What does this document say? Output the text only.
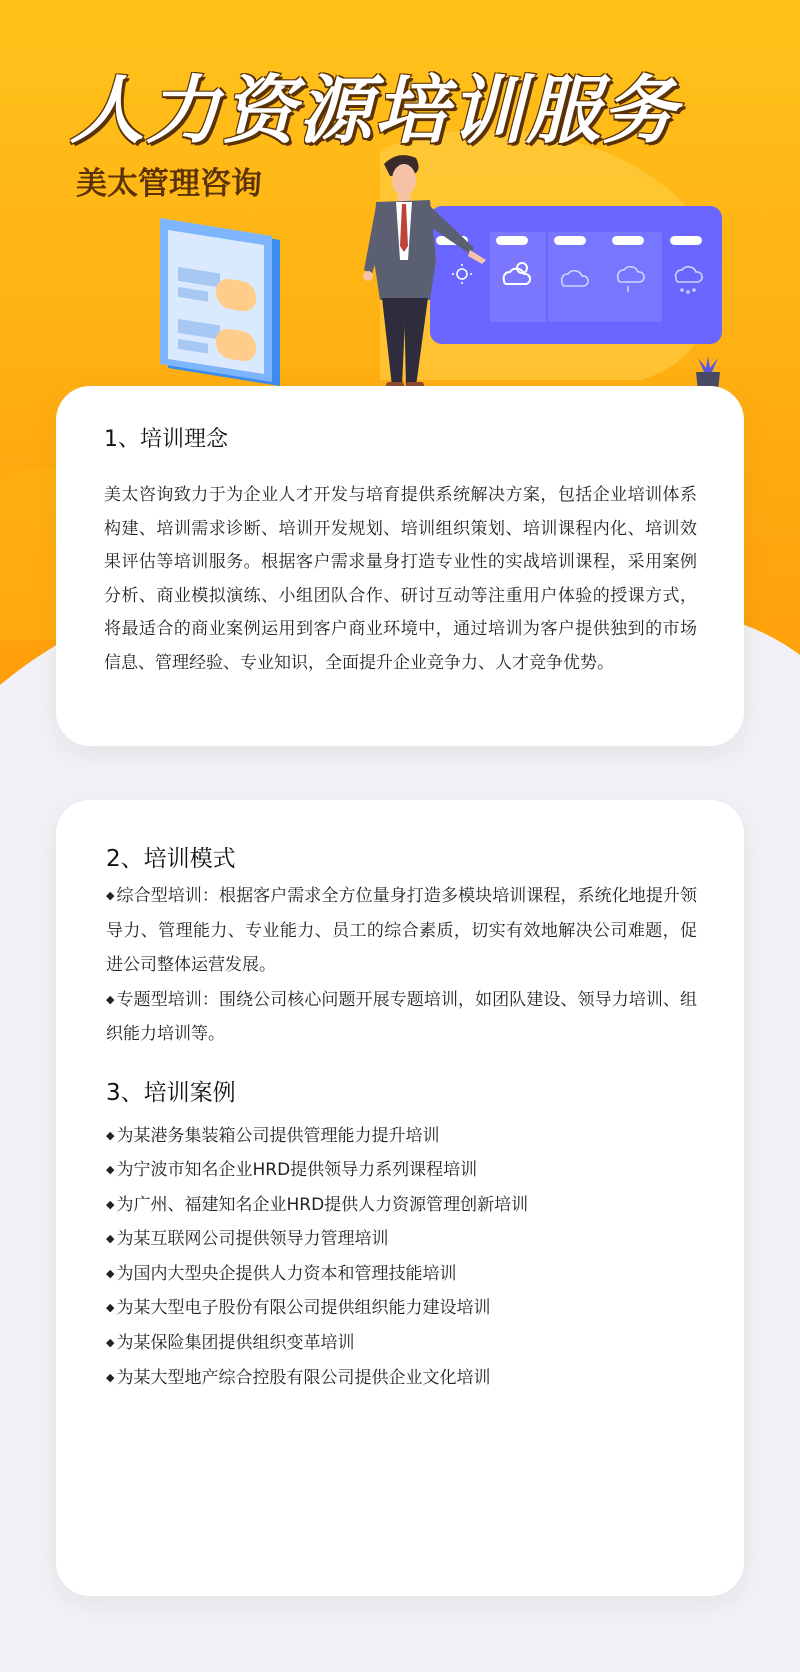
人力资源培训服务
美太管理咨询
1、培训理念

美太咨询致力于为企业人才开发与培育提供系统解决方案，包括企业培训体系构建、培训需求诊断、培训开发规划、培训组织策划、培训课程内化、培训效果评估等培训服务。根据客户需求量身打造专业性的实战培训课程，采用案例分析、商业模拟演练、小组团队合作、研讨互动等注重用户体验的授课方式，将最适合的商业案例运用到客户商业环境中，通过培训为客户提供独到的市场信息、管理经验、专业知识，全面提升企业竞争力、人才竞争优势。

2、培训模式

◆ 综合型培训：根据客户需求全方位量身打造多模块培训课程，系统化地提升领导力、管理能力、专业能力、员工的综合素质，切实有效地解决公司难题，促进公司整体运营发展。

◆ 专题型培训：围绕公司核心问题开展专题培训，如团队建设、领导力培训、组织能力培训等。

3、培训案例
◆ 为某港务集装箱公司提供管理能力提升培训
◆ 为宁波市知名企业HRD提供领导力系列课程培训
◆ 为广州、福建知名企业HRD提供人力资源管理创新培训
◆ 为某互联网公司提供领导力管理培训
◆ 为国内大型央企提供人力资本和管理技能培训
◆ 为某大型电子股份有限公司提供组织能力建设培训
◆ 为某保险集团提供组织变革培训
◆ 为某大型地产综合控股有限公司提供企业文化培训
